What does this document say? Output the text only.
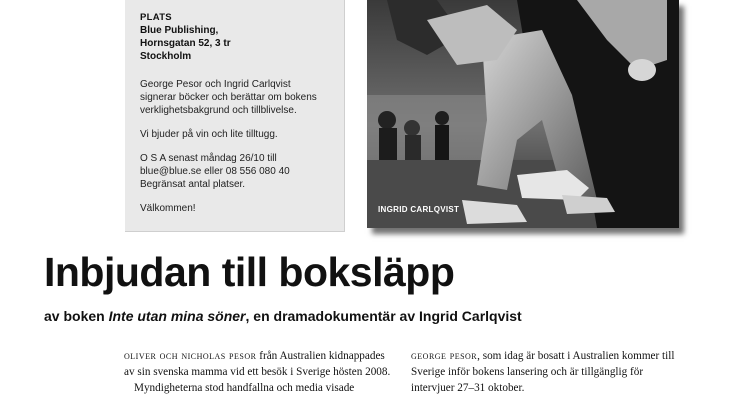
PLATS
Blue Publishing,
Hornsgatan 52, 3 tr
Stockholm

George Pesor och Ingrid Carlqvist signerar böcker och berättar om bokens verklighetsbakgrund och tillblivelse.

Vi bjuder på vin och lite tilltugg.

O S A senast måndag 26/10 till blue@blue.se eller 08 556 080 40 Begränsat antal platser.

Välkommen!	INGRID CARLQVIST
Inbjudan till boksläpp

av boken Inte utan mina söner, en dramadokumentär av Ingrid Carlqvist

oliver och nicholas pesor från Australien kidnappades av sin svenska mamma vid ett besök i Sverige hösten 2008.

Myndigheterna stod handfallna och media visade

george pesor, som idag är bosatt i Australien kommer till Sverige inför bokens lansering och är tillgänglig för intervjuer 27–31 oktober.
